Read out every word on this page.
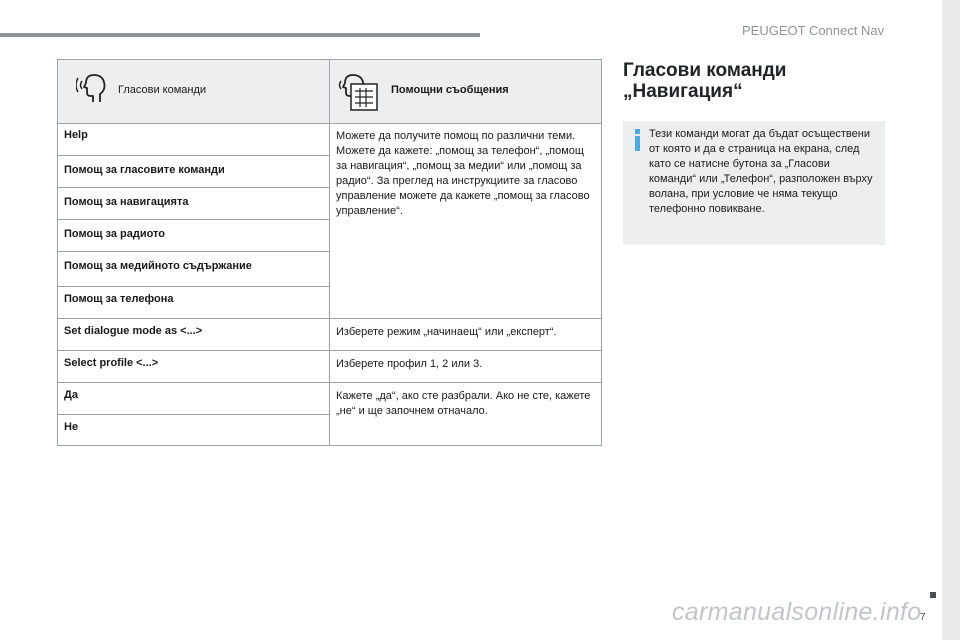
PEUGEOT Connect Nav
Гласови команди	Помощни съобщения
Help
Помощ за гласовите команди
Помощ за навигацията
Помощ за радиото
Помощ за медийното съдържание
Помощ за телефона
Set dialogue mode as <...>
Select profile <...>
Да
Не
Можете да получите помощ по различни теми. Можете да кажете: „помощ за телефон“, „помощ за навигация“, „помощ за медии“ или „помощ за радио“. За преглед на инструкциите за гласово управление можете да кажете „помощ за гласово управление“.
Изберете режим „начинаещ“ или „експерт“.
Изберете профил 1, 2 или 3.
Кажете „да“, ако сте разбрали. Ако не сте, кажете „не“ и ще започнем отначало.
Гласови команди
„Навигация“
Тези команди могат да бъдат осъществени от която и да е страница на екрана, след като се натисне бутона за „Гласови команди“ или „Телефон“, разположен върху волана, при условие че няма текущо телефонно повикване.
carmanualsonline.info
7
